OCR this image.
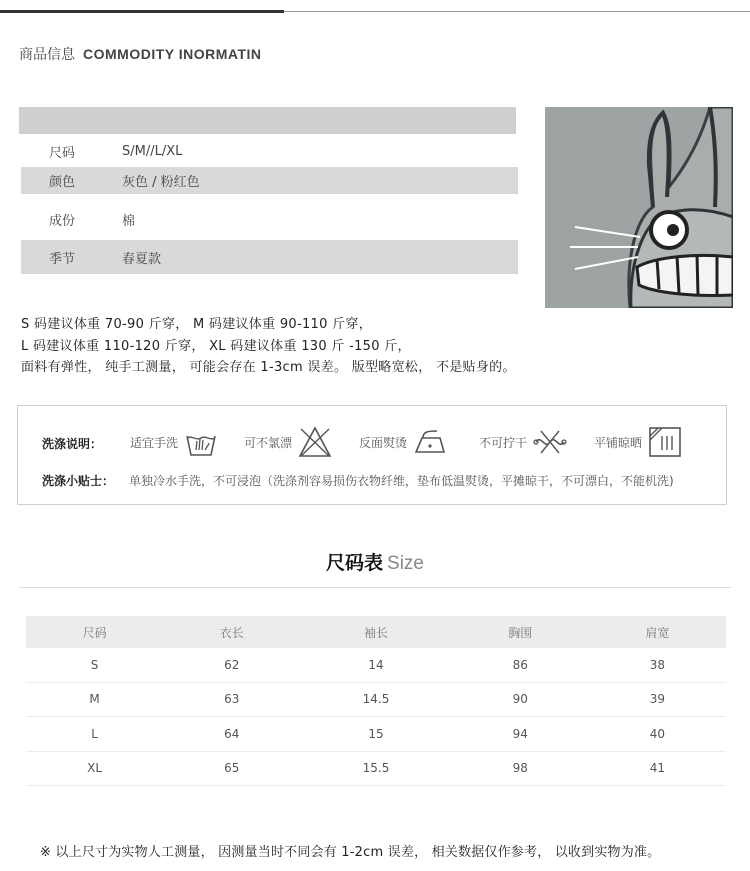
商品信息 COMMODITY INORMATIN
尺码	S/M//L/XL
颜色	灰色 / 粉红色
成份	棉
季节	春夏款
S 码建议体重 70-90 斤穿， M 码建议体重 90-110 斤穿，
L 码建议体重 110-120 斤穿， XL 码建议体重 130 斤 -150 斤，
面料有弹性， 纯手工测量， 可能会存在 1-3cm 误差。 版型略宽松， 不是贴身的。
洗涤说明： 适宜手洗	可不氯漂	反面熨烫	不可拧干	平铺晾晒
洗涤小贴士： 单独冷水手洗，不可浸泡（洗涤剂容易损伤衣物纤维，垫布低温熨烫，平摊晾干，不可漂白，不能机洗)
尺码表 Size
尺码	衣长	袖长	胸围	肩宽
S	62	14	86	38
M	63	14.5	90	39
L	64	15	94	40
XL	65	15.5	98	41
※ 以上尺寸为实物人工测量， 因测量当时不同会有 1-2cm 误差， 相关数据仅作参考， 以收到实物为准。
